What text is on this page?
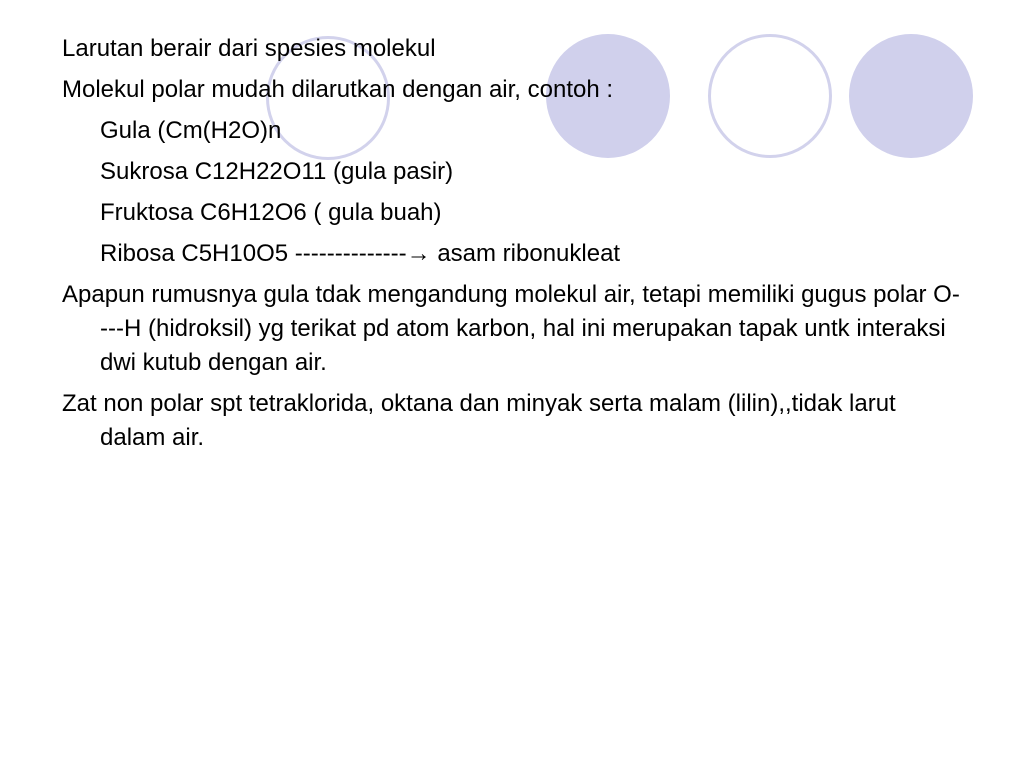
Larutan berair dari spesies molekul
Molekul polar mudah dilarutkan dengan air, contoh :
Gula (Cm(H2O)n
Sukrosa C12H22O11 (gula pasir)
Fruktosa C6H12O6 ( gula buah)
Ribosa C5H10O5 --------------→ asam ribonukleat
Apapun rumusnya gula tdak mengandung molekul air, tetapi memiliki gugus polar O----H (hidroksil) yg terikat pd atom karbon, hal ini merupakan tapak untk interaksi dwi kutub dengan air.
Zat non polar spt tetraklorida, oktana dan minyak serta malam (lilin),,tidak larut dalam air.
